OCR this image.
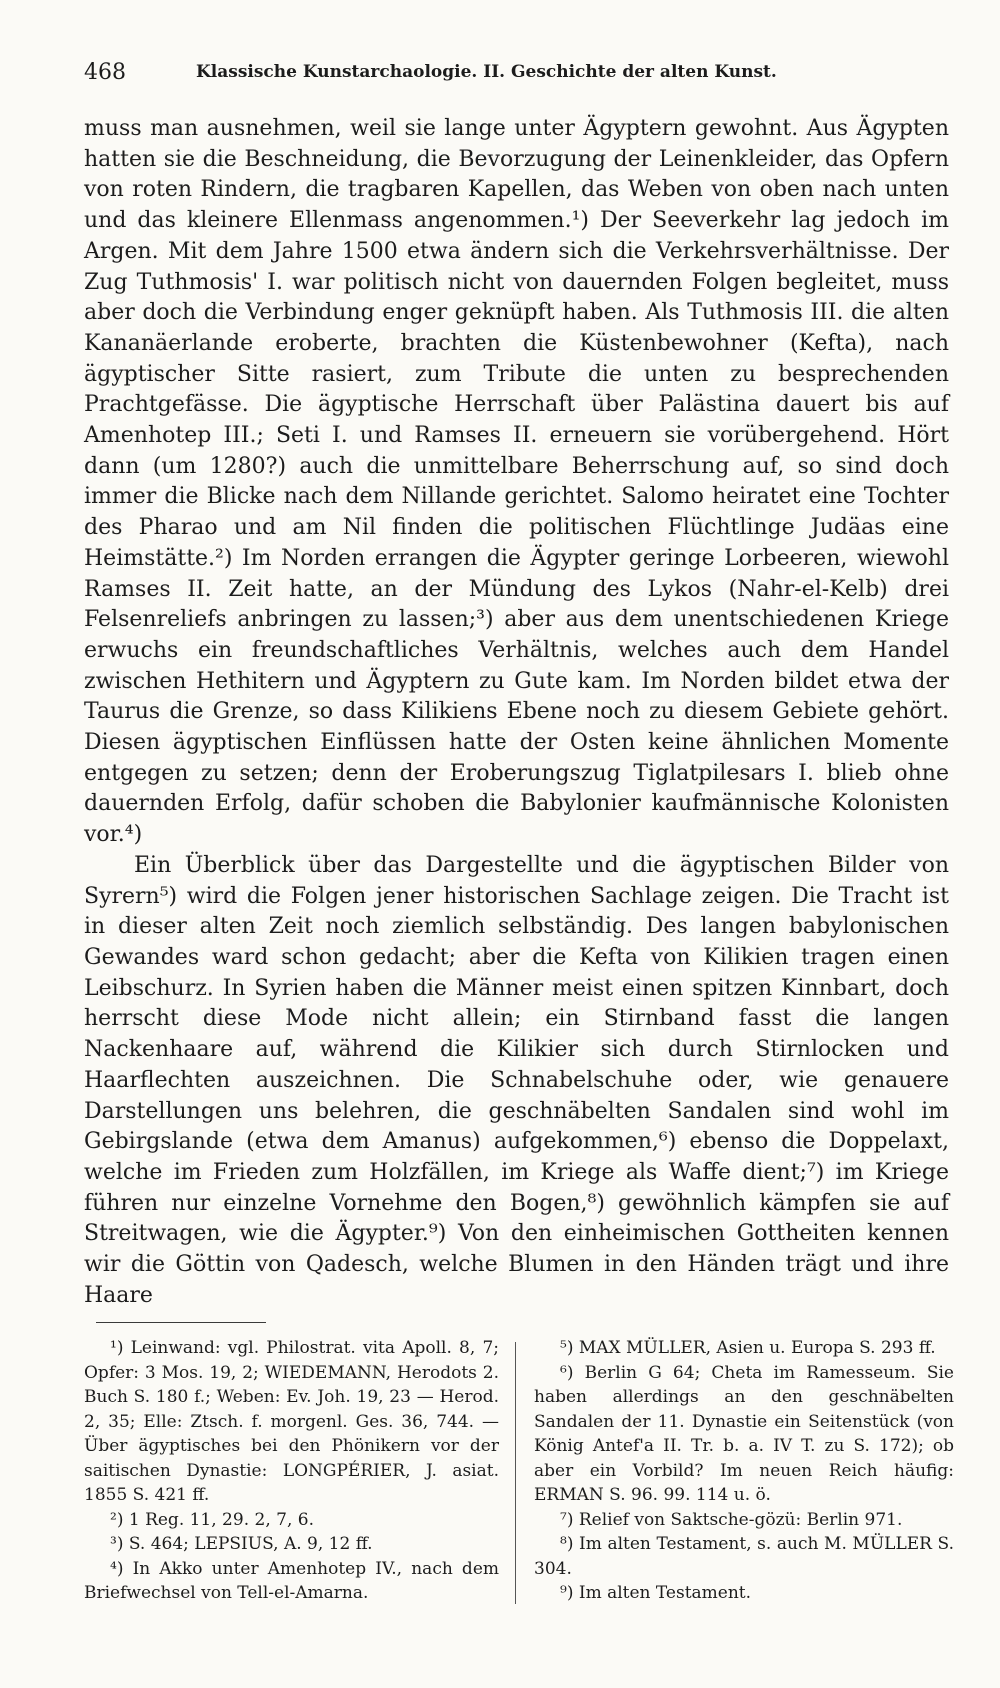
468	Klassische Kunstarchaologie. II. Geschichte der alten Kunst.

muss man ausnehmen, weil sie lange unter Ägyptern gewohnt. Aus Ägypten hatten sie die Beschneidung, die Bevorzugung der Leinenkleider, das Opfern von roten Rindern, die tragbaren Kapellen, das Weben von oben nach unten und das kleinere Ellenmass angenommen.¹) Der Seeverkehr lag jedoch im Argen. Mit dem Jahre 1500 etwa ändern sich die Verkehrsverhältnisse. Der Zug Tuthmosis' I. war politisch nicht von dauernden Folgen begleitet, muss aber doch die Verbindung enger geknüpft haben. Als Tuthmosis III. die alten Kananäerlande eroberte, brachten die Küstenbewohner (Kefta), nach ägyptischer Sitte rasiert, zum Tribute die unten zu besprechenden Prachtgefässe. Die ägyptische Herrschaft über Palästina dauert bis auf Amenhotep III.; Seti I. und Ramses II. erneuern sie vorübergehend. Hört dann (um 1280?) auch die unmittelbare Beherrschung auf, so sind doch immer die Blicke nach dem Nillande gerichtet. Salomo heiratet eine Tochter des Pharao und am Nil finden die politischen Flüchtlinge Judäas eine Heimstätte.²) Im Norden errangen die Ägypter geringe Lorbeeren, wiewohl Ramses II. Zeit hatte, an der Mündung des Lykos (Nahr-el-Kelb) drei Felsenreliefs anbringen zu lassen;³) aber aus dem unentschiedenen Kriege erwuchs ein freundschaftliches Verhältnis, welches auch dem Handel zwischen Hethitern und Ägyptern zu Gute kam. Im Norden bildet etwa der Taurus die Grenze, so dass Kilikiens Ebene noch zu diesem Gebiete gehört. Diesen ägyptischen Einflüssen hatte der Osten keine ähnlichen Momente entgegen zu setzen; denn der Eroberungszug Tiglatpilesars I. blieb ohne dauernden Erfolg, dafür schoben die Babylonier kaufmännische Kolonisten vor.⁴)

Ein Überblick über das Dargestellte und die ägyptischen Bilder von Syrern⁵) wird die Folgen jener historischen Sachlage zeigen. Die Tracht ist in dieser alten Zeit noch ziemlich selbständig. Des langen babylonischen Gewandes ward schon gedacht; aber die Kefta von Kilikien tragen einen Leibschurz. In Syrien haben die Männer meist einen spitzen Kinnbart, doch herrscht diese Mode nicht allein; ein Stirnband fasst die langen Nackenhaare auf, während die Kilikier sich durch Stirnlocken und Haarflechten auszeichnen. Die Schnabelschuhe oder, wie genauere Darstellungen uns belehren, die geschnäbelten Sandalen sind wohl im Gebirgslande (etwa dem Amanus) aufgekommen,⁶) ebenso die Doppelaxt, welche im Frieden zum Holzfällen, im Kriege als Waffe dient;⁷) im Kriege führen nur einzelne Vornehme den Bogen,⁸) gewöhnlich kämpfen sie auf Streitwagen, wie die Ägypter.⁹) Von den einheimischen Gottheiten kennen wir die Göttin von Qadesch, welche Blumen in den Händen trägt und ihre Haare

¹) Leinwand: vgl. Philostrat. vita Apoll. 8, 7; Opfer: 3 Mos. 19, 2; WIEDEMANN, Herodots 2. Buch S. 180 f.; Weben: Ev. Joh. 19, 23 — Herod. 2, 35; Elle: Ztsch. f. morgenl. Ges. 36, 744. — Über ägyptisches bei den Phönikern vor der saitischen Dynastie: LONGPÉRIER, J. asiat. 1855 S. 421 ff.

²) 1 Reg. 11, 29. 2, 7, 6.

³) S. 464; LEPSIUS, A. 9, 12 ff.

⁴) In Akko unter Amenhotep IV., nach dem Briefwechsel von Tell-el-Amarna.

⁵) MAX MÜLLER, Asien u. Europa S. 293 ff.

⁶) Berlin G 64; Cheta im Ramesseum. Sie haben allerdings an den geschnäbelten Sandalen der 11. Dynastie ein Seitenstück (von König Antef'a II. Tr. b. a. IV T. zu S. 172); ob aber ein Vorbild? Im neuen Reich häufig: ERMAN S. 96. 99. 114 u. ö.

⁷) Relief von Saktsche-gözü: Berlin 971.

⁸) Im alten Testament, s. auch M. MÜLLER S. 304.

⁹) Im alten Testament.
